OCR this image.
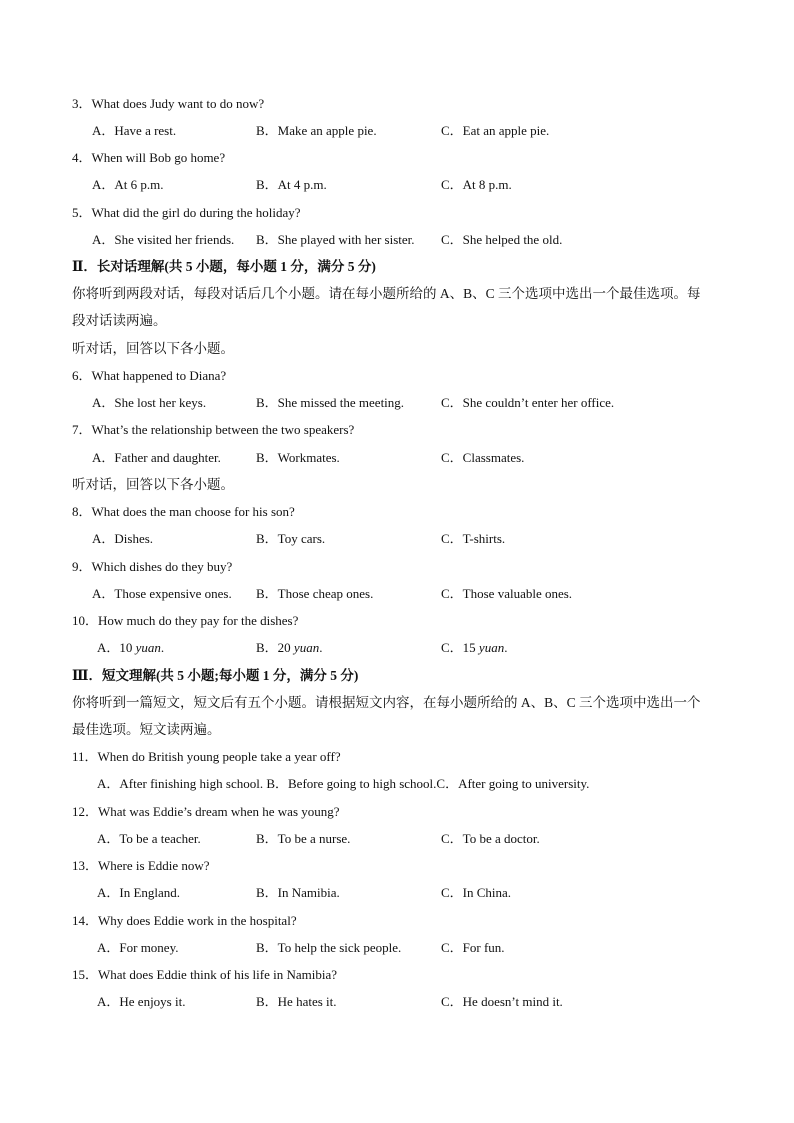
3．What does Judy want to do now?
A．Have a rest.	B．Make an apple pie.	C．Eat an apple pie.
4．When will Bob go home?
A．At 6 p.m.	B．At 4 p.m.	C．At 8 p.m.
5．What did the girl do during the holiday?
A．She visited her friends. B．She played with her sister. C．She helped the old.
Ⅱ．长对话理解(共 5 小题，每小题 1 分，满分 5 分)
你将听到两段对话，每段对话后几个小题。请在每小题所给的 A、B、C 三个选项中选出一个最佳选项。每
段对话读两遍。
听对话，回答以下各小题。
6．What happened to Diana?
A．She lost her keys.	B．She missed the meeting.	C．She couldn’t enter her office.
7．What’s the relationship between the two speakers?
A．Father and daughter.	B．Workmates.	C．Classmates.
听对话，回答以下各小题。
8．What does the man choose for his son?
A．Dishes.	B．Toy cars.	C．T-shirts.
9．Which dishes do they buy?
A．Those expensive ones. B．Those cheap ones.	C．Those valuable ones.
10．How much do they pay for the dishes?
A．10 yuan.	B．20 yuan.	C．15 yuan.
Ⅲ．短文理解(共 5 小题;每小题 1 分，满分 5 分)
你将听到一篇短文，短文后有五个小题。请根据短文内容，在每小题所给的 A、B、C 三个选项中选出一个
最佳选项。短文读两遍。
11．When do British young people take a year off?
A．After finishing high school. B．Before going to high school.C．After going to university.
12．What was Eddie’s dream when he was young?
A．To be a teacher.	B．To be a nurse.	C．To be a doctor.
13．Where is Eddie now?
A．In England.	B．In Namibia.	C．In China.
14．Why does Eddie work in the hospital?
A．For money.	B．To help the sick people.	C．For fun.
15．What does Eddie think of his life in Namibia?
A．He enjoys it.	B．He hates it.	C．He doesn’t mind it.
